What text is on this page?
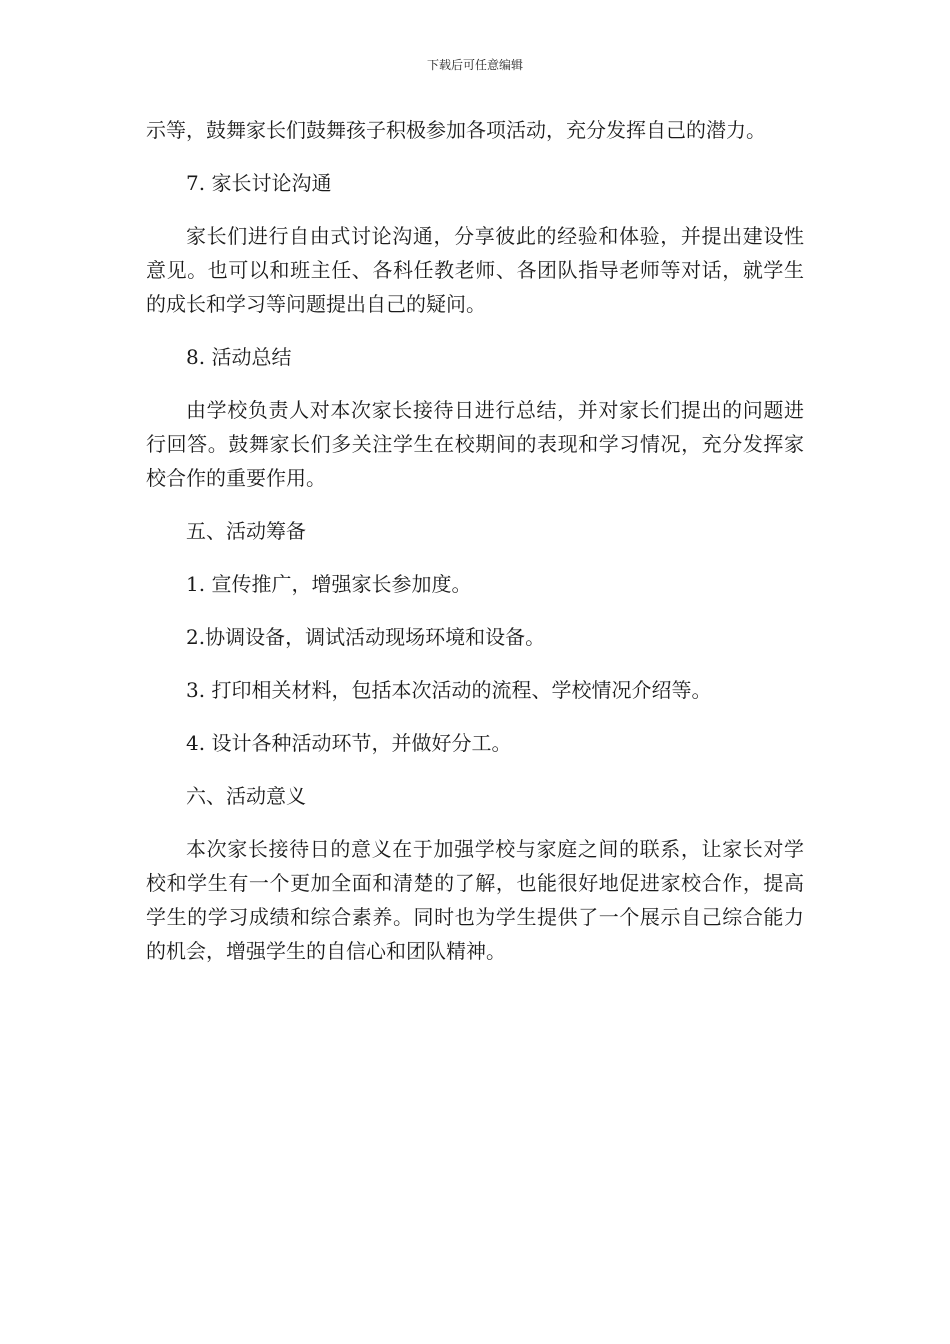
下载后可任意编辑

示等，鼓舞家长们鼓舞孩子积极参加各项活动，充分发挥自己的潜力。

7. 家长讨论沟通

家长们进行自由式讨论沟通，分享彼此的经验和体验，并提出建设性意见。也可以和班主任、各科任教老师、各团队指导老师等对话，就学生的成长和学习等问题提出自己的疑问。

8. 活动总结

由学校负责人对本次家长接待日进行总结，并对家长们提出的问题进行回答。鼓舞家长们多关注学生在校期间的表现和学习情况，充分发挥家校合作的重要作用。

五、活动筹备

1. 宣传推广，增强家长参加度。

2.协调设备，调试活动现场环境和设备。

3. 打印相关材料，包括本次活动的流程、学校情况介绍等。

4. 设计各种活动环节，并做好分工。

六、活动意义

本次家长接待日的意义在于加强学校与家庭之间的联系，让家长对学校和学生有一个更加全面和清楚的了解，也能很好地促进家校合作，提高学生的学习成绩和综合素养。同时也为学生提供了一个展示自己综合能力的机会，增强学生的自信心和团队精神。
